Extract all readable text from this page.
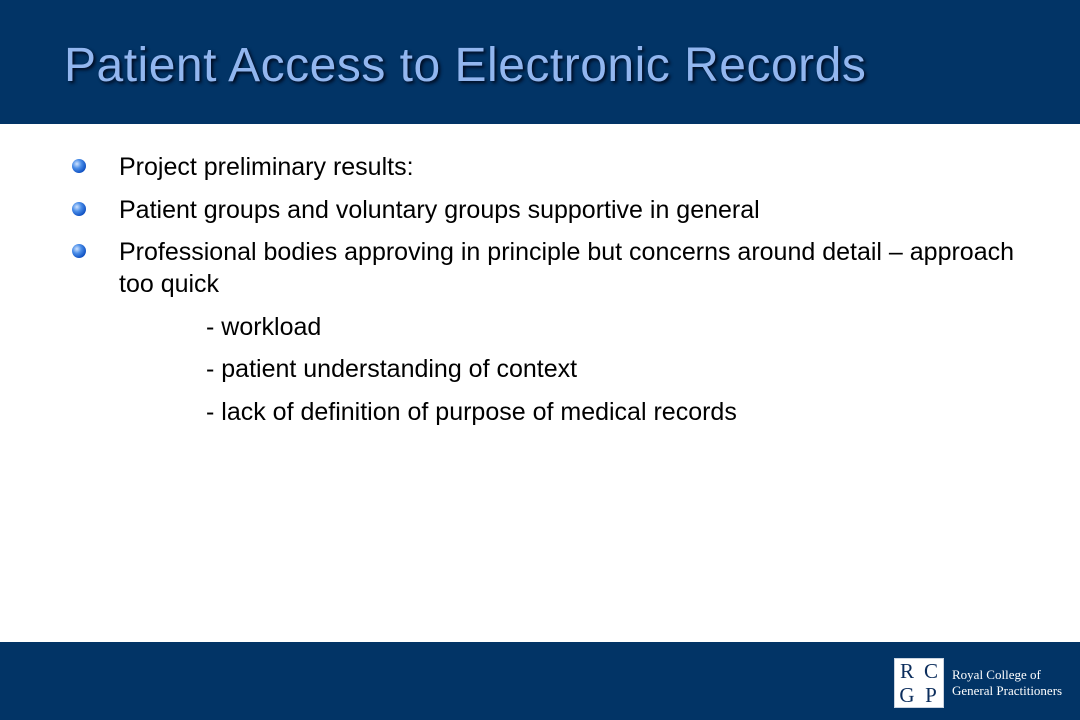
Patient Access to Electronic Records
Project preliminary results:
Patient groups and voluntary groups supportive in general
Professional bodies approving in principle but concerns around detail – approach too quick
- workload
- patient understanding of context
- lack of definition of purpose of medical records
R C
G P
Royal College of
General Practitioners
